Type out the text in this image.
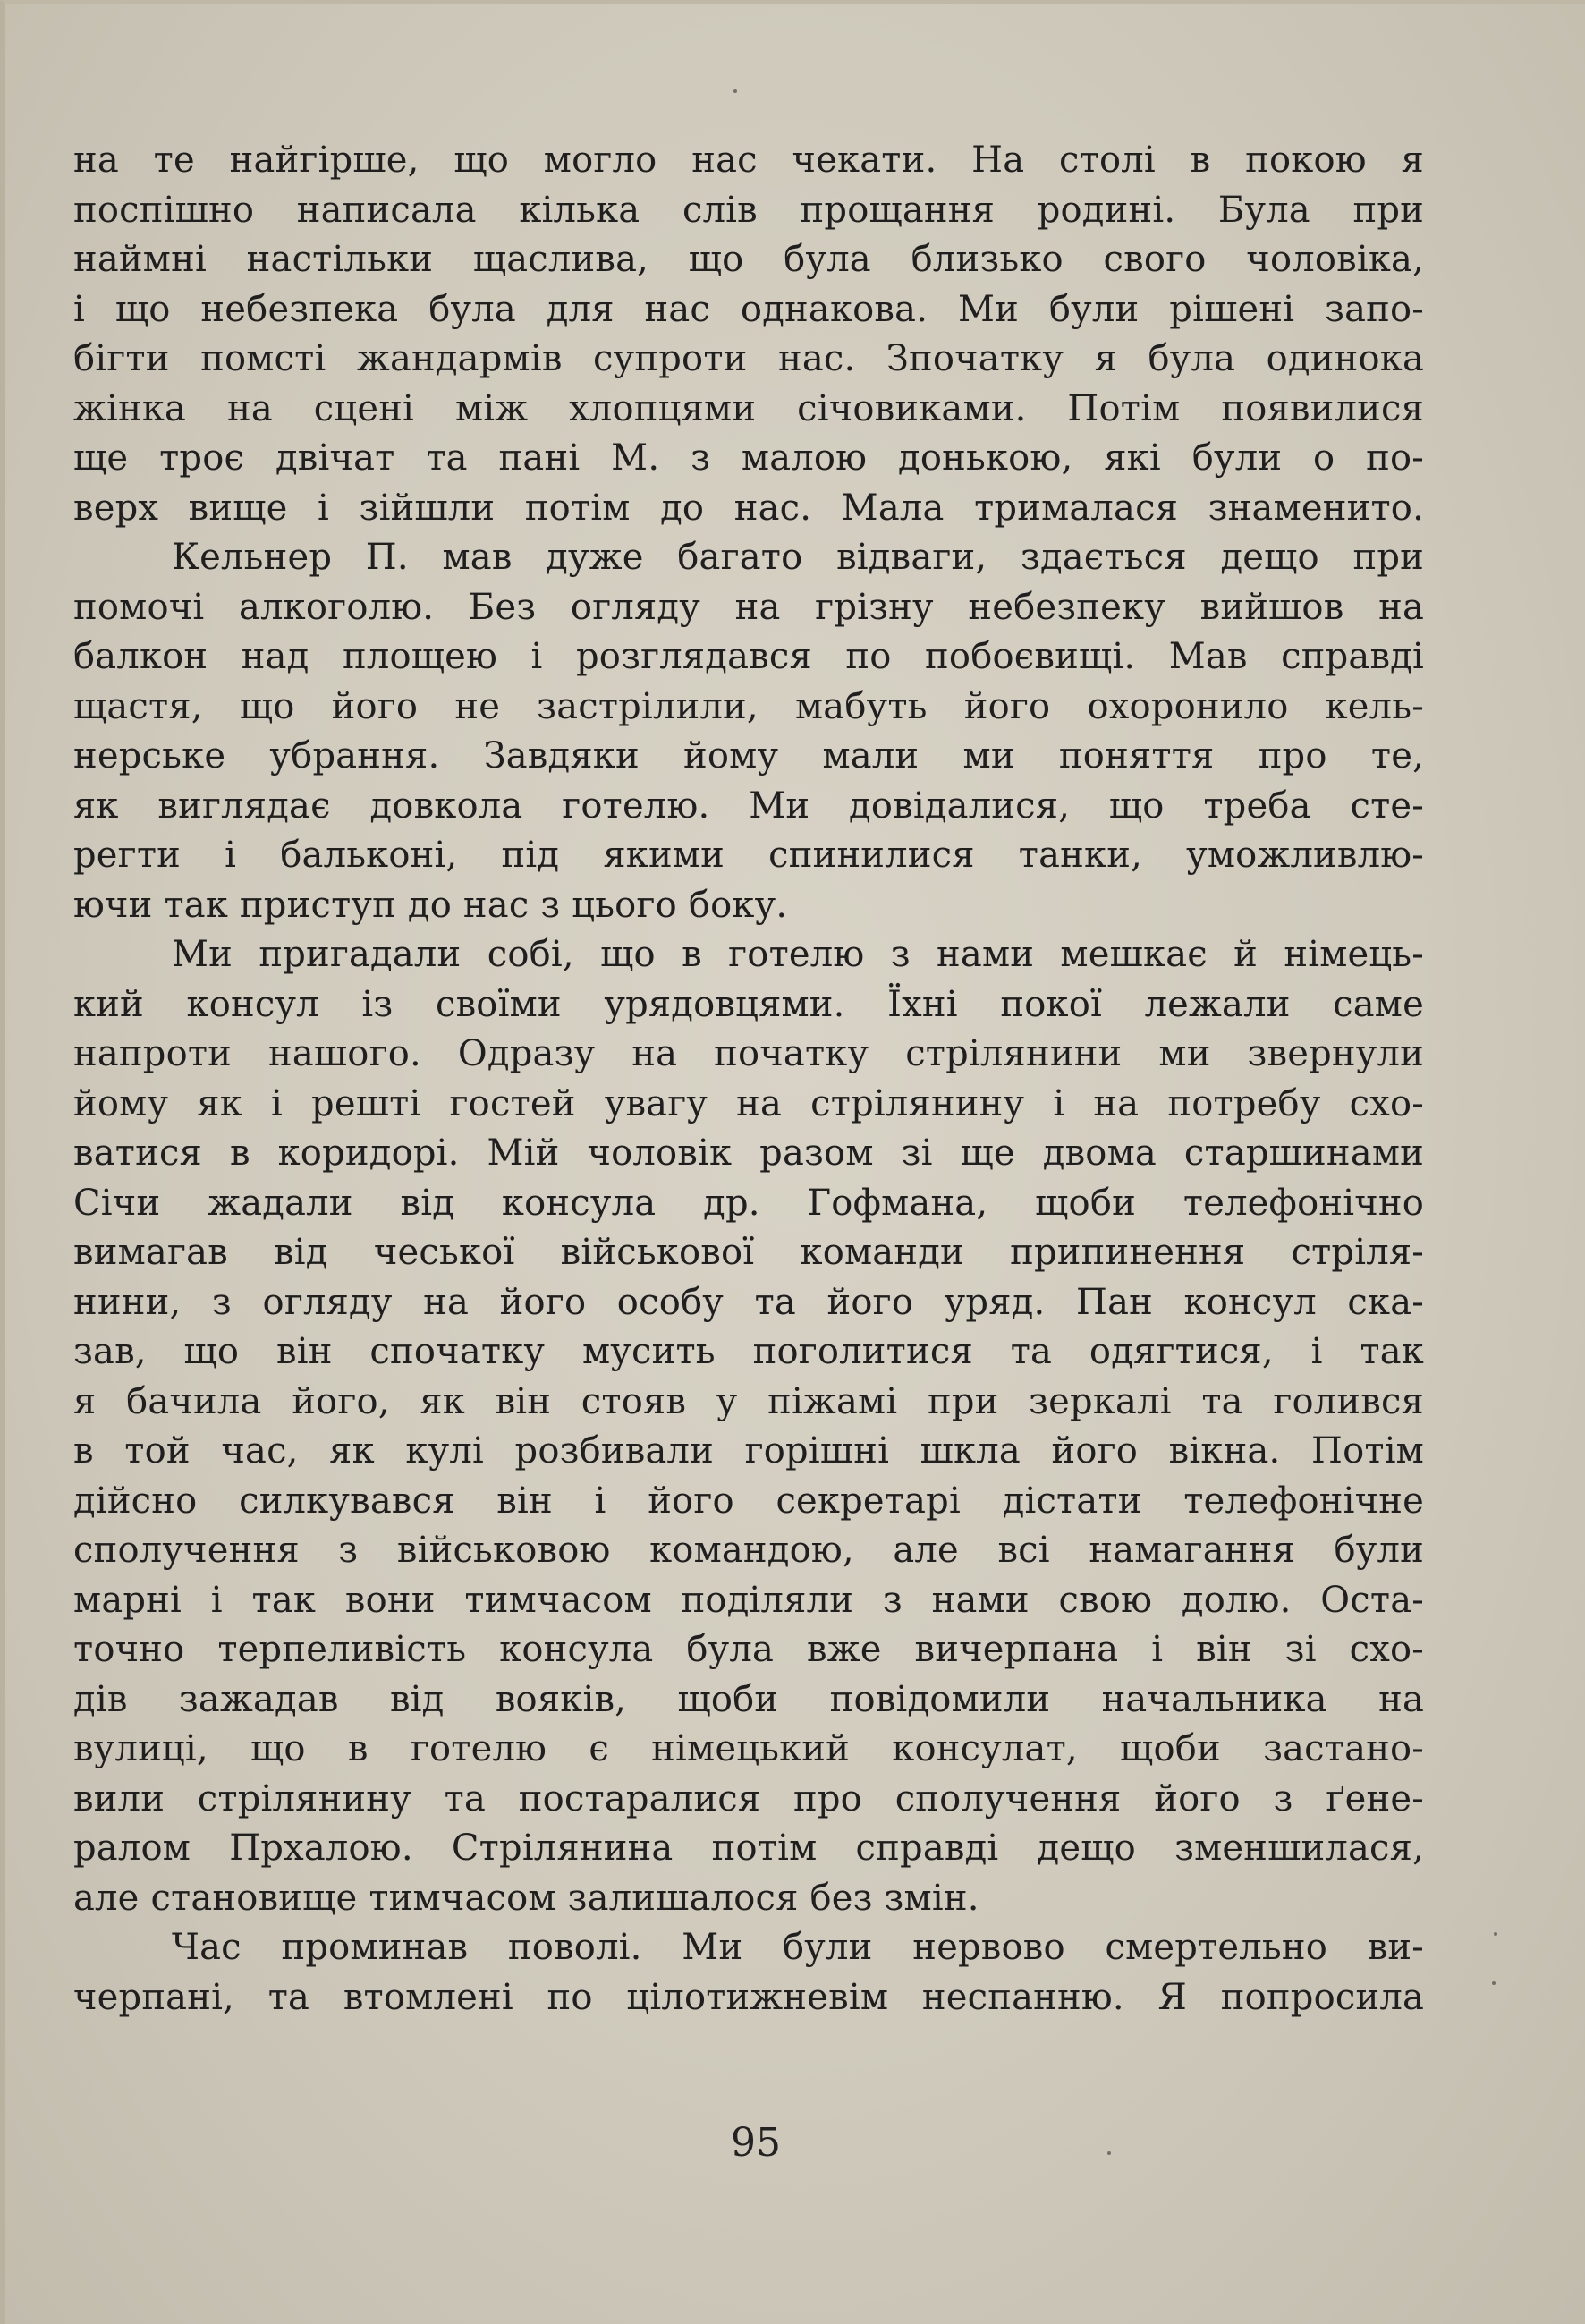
на те найгірше, що могло нас чекати. На столі в покою я
поспішно написала кілька слів прощання родині. Була при
наймні настільки щаслива, що була близько свого чоловіка,
і що небезпека була для нас однакова. Ми були рішені запо-
бігти помсті жандармів супроти нас. Зпочатку я була одинока
жінка на сцені між хлопцями січовиками. Потім появилися
ще троє двічат та пані М. з малою донькою, які були о по-
верх вище і зійшли потім до нас. Мала трималася знаменито.
Кельнер П. мав дуже багато відваги, здається дещо при
помочі алкоголю. Без огляду на грізну небезпеку вийшов на
балкон над площею і розглядався по побоєвищі. Мав справді
щастя, що його не застрілили, мабуть його охоронило кель-
нерське убрання. Завдяки йому мали ми поняття про те,
як виглядає довкола готелю. Ми довідалися, що треба сте-
регти і бальконі, під якими спинилися танки, уможливлю-
ючи так приступ до нас з цього боку.
Ми пригадали собі, що в готелю з нами мешкає й німець-
кий консул із своїми урядовцями. Їхні покої лежали саме
напроти нашого. Одразу на початку стрілянини ми звернули
йому як і решті гостей увагу на стрілянину і на потребу схо-
ватися в коридорі. Мій чоловік разом зі ще двома старшинами
Січи жадали від консула др. Гофмана, щоби телефонічно
вимагав від чеської військової команди припинення стріля-
нини, з огляду на його особу та його уряд. Пан консул ска-
зав, що він спочатку мусить поголитися та одягтися, і так
я бачила його, як він стояв у піжамі при зеркалі та голився
в той час, як кулі розбивали горішні шкла його вікна. Потім
дійсно силкувався він і його секретарі дістати телефонічне
сполучення з військовою командою, але всі намагання були
марні і так вони тимчасом поділяли з нами свою долю. Оста-
точно терпеливість консула була вже вичерпана і він зі схо-
дів зажадав від вояків, щоби повідомили начальника на
вулиці, що в готелю є німецький консулат, щоби застано-
вили стрілянину та постаралися про сполучення його з ґене-
ралом Прхалою. Стрілянина потім справді дещо зменшилася,
але становище тимчасом залишалося без змін.
Час проминав поволі. Ми були нервово смертельно ви-
черпані, та втомлені по цілотижневім неспанню. Я попросила
95
